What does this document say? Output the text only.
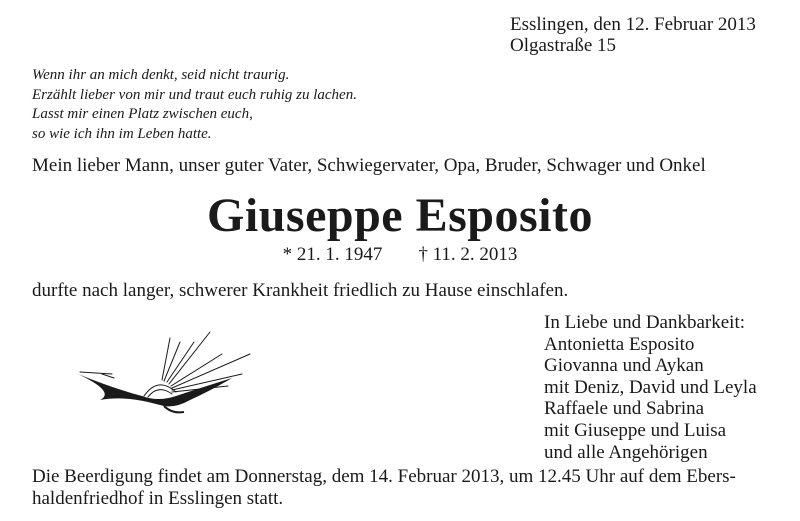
Esslingen, den 12. Februar 2013
Olgastraße 15
Wenn ihr an mich denkt, seid nicht traurig.
Erzählt lieber von mir und traut euch ruhig zu lachen.
Lasst mir einen Platz zwischen euch,
so wie ich ihn im Leben hatte.
Mein lieber Mann, unser guter Vater, Schwiegervater, Opa, Bruder, Schwager und Onkel
Giuseppe Esposito
* 21. 1. 1947 † 11. 2. 2013
durfte nach langer, schwerer Krankheit friedlich zu Hause einschlafen.
In Liebe und Dankbarkeit:
Antonietta Esposito
Giovanna und Aykan
mit Deniz, David und Leyla
Raffaele und Sabrina
mit Giuseppe und Luisa
und alle Angehörigen
Die Beerdigung findet am Donnerstag, dem 14. Februar 2013, um 12.45 Uhr auf dem Ebers-
haldenfriedhof in Esslingen statt.
